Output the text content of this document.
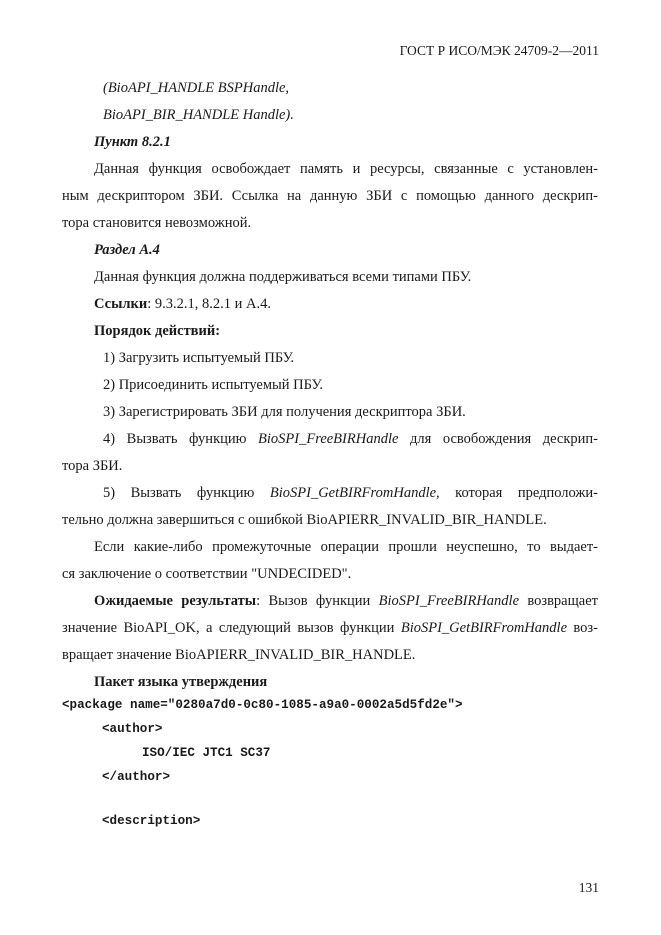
ГОСТ Р ИСО/МЭК 24709-2—2011
(BioAPI_HANDLE BSPHandle,
BioAPI_BIR_HANDLE Handle).
Пункт 8.2.1
Данная функция освобождает память и ресурсы, связанные с установлен-
ным дескриптором ЗБИ. Ссылка на данную ЗБИ с помощью данного дескрип-
тора становится невозможной.
Раздел А.4
Данная функция должна поддерживаться всеми типами ПБУ.
Ссылки: 9.3.2.1, 8.2.1 и А.4.
Порядок действий:
1) Загрузить испытуемый ПБУ.
2) Присоединить испытуемый ПБУ.
3) Зарегистрировать ЗБИ для получения дескриптора ЗБИ.
4) Вызвать функцию BioSPI_FreeBIRHandle для освобождения дескрип-
тора ЗБИ.
5) Вызвать функцию BioSPI_GetBIRFromHandle, которая предположи-
тельно должна завершиться с ошибкой BioAPIERR_INVALID_BIR_HANDLE.
Если какие-либо промежуточные операции прошли неуспешно, то выдает-
ся заключение о соответствии "UNDECIDED".
Ожидаемые результаты: Вызов функции BioSPI_FreeBIRHandle возвращает
значение BioAPI_OK, а следующий вызов функции BioSPI_GetBIRFromHandle воз-
вращает значение BioAPIERR_INVALID_BIR_HANDLE.
Пакет языка утверждения
<package name="0280a7d0-0c80-1085-a9a0-0002a5d5fd2e">
<author>
ISO/IEC JTC1 SC37
</author>
<description>
131
